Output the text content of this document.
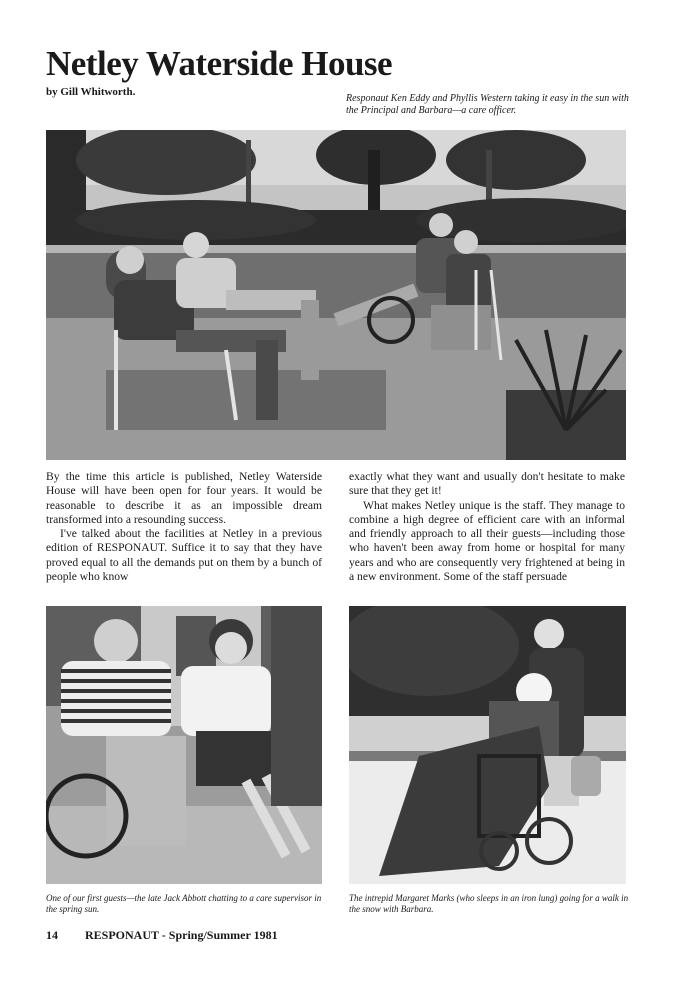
Netley Waterside House
by Gill Whitworth.
Responaut Ken Eddy and Phyllis Western taking it easy in the sun with the Principal and Barbara—a care officer.

By the time this article is published, Netley Waterside House will have been open for four years. It would be reasonable to describe it as an impossible dream transformed into a resounding success.

I've talked about the facilities at Netley in a previous edition of RESPONAUT. Suffice it to say that they have proved equal to all the demands put on them by a bunch of people who know

exactly what they want and usually don't hesitate to make sure that they get it!

What makes Netley unique is the staff. They manage to combine a high degree of efficient care with an informal and friendly approach to all their guests—including those who haven't been away from home or hospital for many years and who are consequently very frightened at being in a new environment. Some of the staff persuade

One of our first guests—the late Jack Abbott chatting to a care supervisor in the spring sun.
The intrepid Margaret Marks (who sleeps in an iron lung) going for a walk in the snow with Barbara.
14 RESPONAUT - Spring/Summer 1981
